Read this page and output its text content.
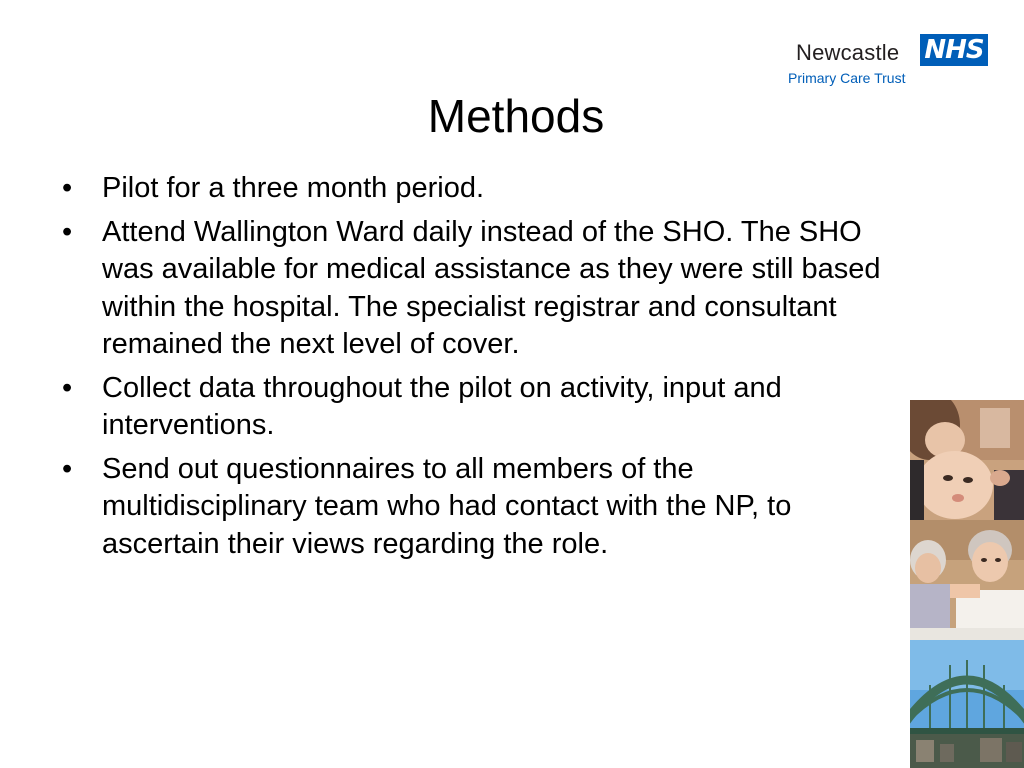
Newcastle NHS
Primary Care Trust
Methods
•	Pilot for a three month period.
•	Attend Wallington Ward daily instead of the SHO. The SHO was available for medical assistance as they were still based within the hospital. The specialist registrar and consultant remained the next level of cover.
•	Collect data throughout the pilot on activity, input and interventions.
•	Send out questionnaires to all members of the multidisciplinary team who had contact with the NP, to ascertain their views regarding the role.
